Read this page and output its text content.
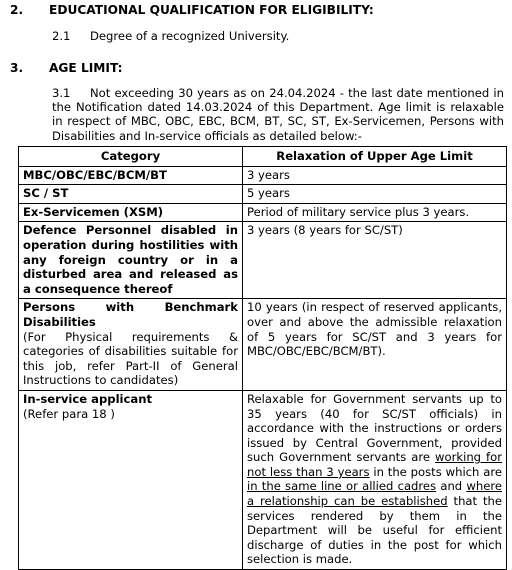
2. EDUCATIONAL QUALIFICATION FOR ELIGIBILITY:
2.1 Degree of a recognized University.
3. AGE LIMIT:
3.1 Not exceeding 30 years as on 24.04.2024 - the last date mentioned in the Notification dated 14.03.2024 of this Department. Age limit is relaxable in respect of MBC, OBC, EBC, BCM, BT, SC, ST, Ex-Servicemen, Persons with Disabilities and In-service officials as detailed below:-
Category	Relaxation of Upper Age Limit
MBC/OBC/EBC/BCM/BT	3 years
SC / ST	5 years
Ex-Servicemen (XSM)	Period of military service plus 3 years.
Defence Personnel disabled in operation during hostilities with any foreign country or in a disturbed area and released as a consequence thereof	3 years (8 years for SC/ST)

Persons with Benchmark Disabilities
(For Physical requirements & categories of disabilities suitable for this job, refer Part-II of General Instructions to candidates)	10 years (in respect of reserved applicants, over and above the admissible relaxation of 5 years for SC/ST and 3 years for MBC/OBC/EBC/BCM/BT).

In-service applicant
(Refer para 18 )	Relaxable for Government servants up to 35 years (40 for SC/ST officials) in accordance with the instructions or orders issued by Central Government, provided such Government servants are working for not less than 3 years in the posts which are in the same line or allied cadres and where a relationship can be established that the services rendered by them in the Department will be useful for efficient discharge of duties in the post for which selection is made.
